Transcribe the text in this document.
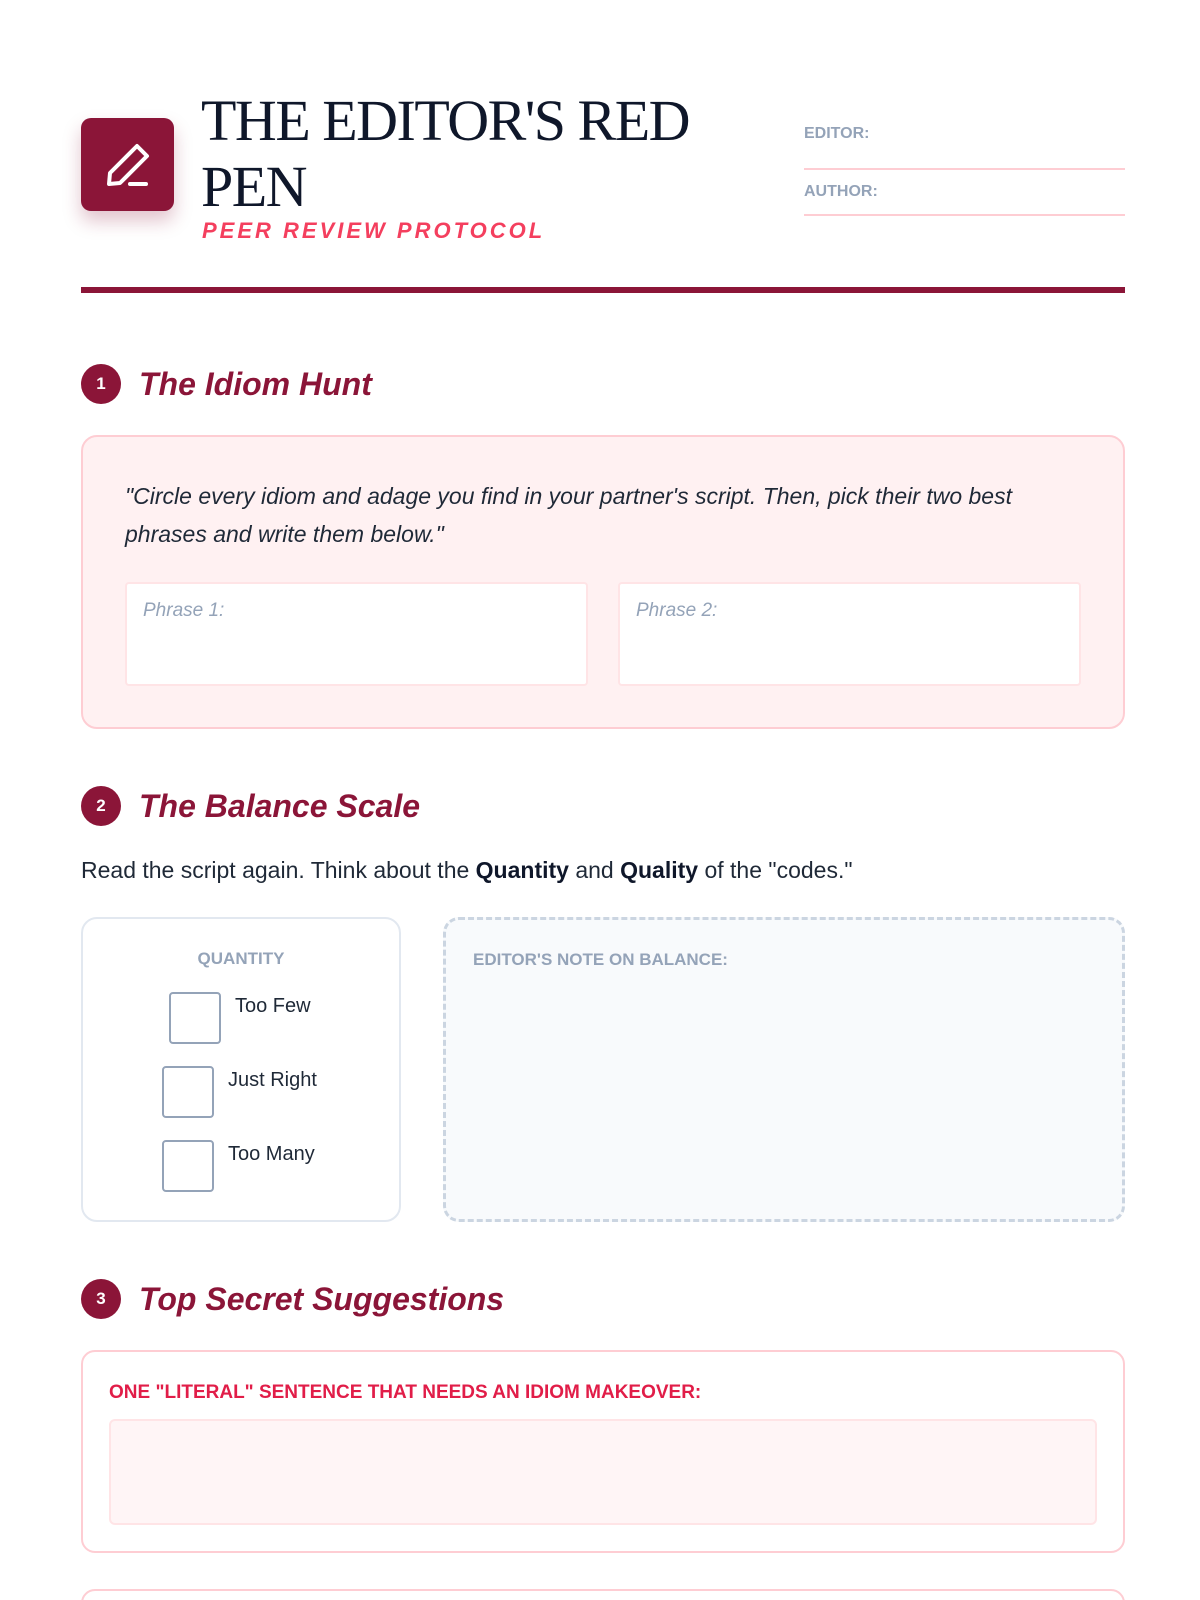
THE EDITOR'S RED PEN
PEER REVIEW PROTOCOL
EDITOR:
AUTHOR:
1	The Idiom Hunt
"Circle every idiom and adage you find in your partner's script. Then, pick their two best phrases and write them below."
Phrase 1:	Phrase 2:
2	The Balance Scale
Read the script again. Think about the Quantity and Quality of the "codes."
QUANTITY
Too Few
Just Right
Too Many
EDITOR'S NOTE ON BALANCE:
3	Top Secret Suggestions
ONE "LITERAL" SENTENCE THAT NEEDS AN IDIOM MAKEOVER:
